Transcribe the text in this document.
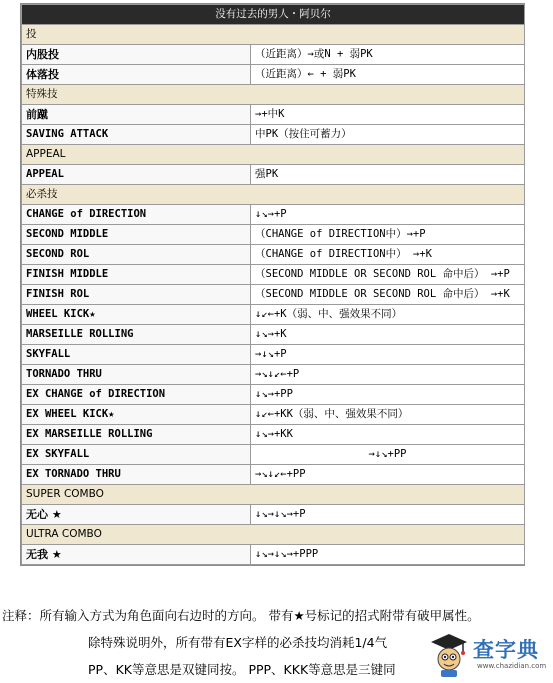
没有过去的男人・阿贝尔	
投	
内股投	（近距离）→或N + 弱PK
体落投	（近距离）← + 弱PK
特殊技	
前蹴	→+中K
SAVING ATTACK	中PK（按住可蓄力）
APPEAL	
APPEAL	强PK
必杀技	
CHANGE of DIRECTION	↓↘→+P
SECOND MIDDLE	（CHANGE of DIRECTION中）→+P
SECOND ROL	（CHANGE of DIRECTION中） →+K
FINISH MIDDLE	（SECOND MIDDLE OR SECOND ROL 命中后） →+P
FINISH ROL	（SECOND MIDDLE OR SECOND ROL 命中后） →+K
WHEEL KICK★	↓↙←+K（弱、中、强效果不同）
MARSEILLE ROLLING	↓↘→+K
SKYFALL	→↓↘+P
TORNADO THRU	→↘↓↙←+P
EX CHANGE of DIRECTION	↓↘→+PP
EX WHEEL KICK★	↓↙←+KK（弱、中、强效果不同）
EX MARSEILLE ROLLING	↓↘→+KK
EX SKYFALL	→↓↘+PP
EX TORNADO THRU	→↘↓↙←+PP
SUPER COMBO	
无心 ★	↓↘→↓↘→+P
ULTRA COMBO	
无我 ★	↓↘→↓↘→+PPP
注释：所有输入方式为角色面向右边时的方向。 带有★号标记的招式附带有破甲属性。
除特殊说明外，所有带有EX字样的必杀技均消耗1/4气
PP、KK等意思是双键同按。 PPP、KKK等意思是三键同
查字典
www.chazidian.com
